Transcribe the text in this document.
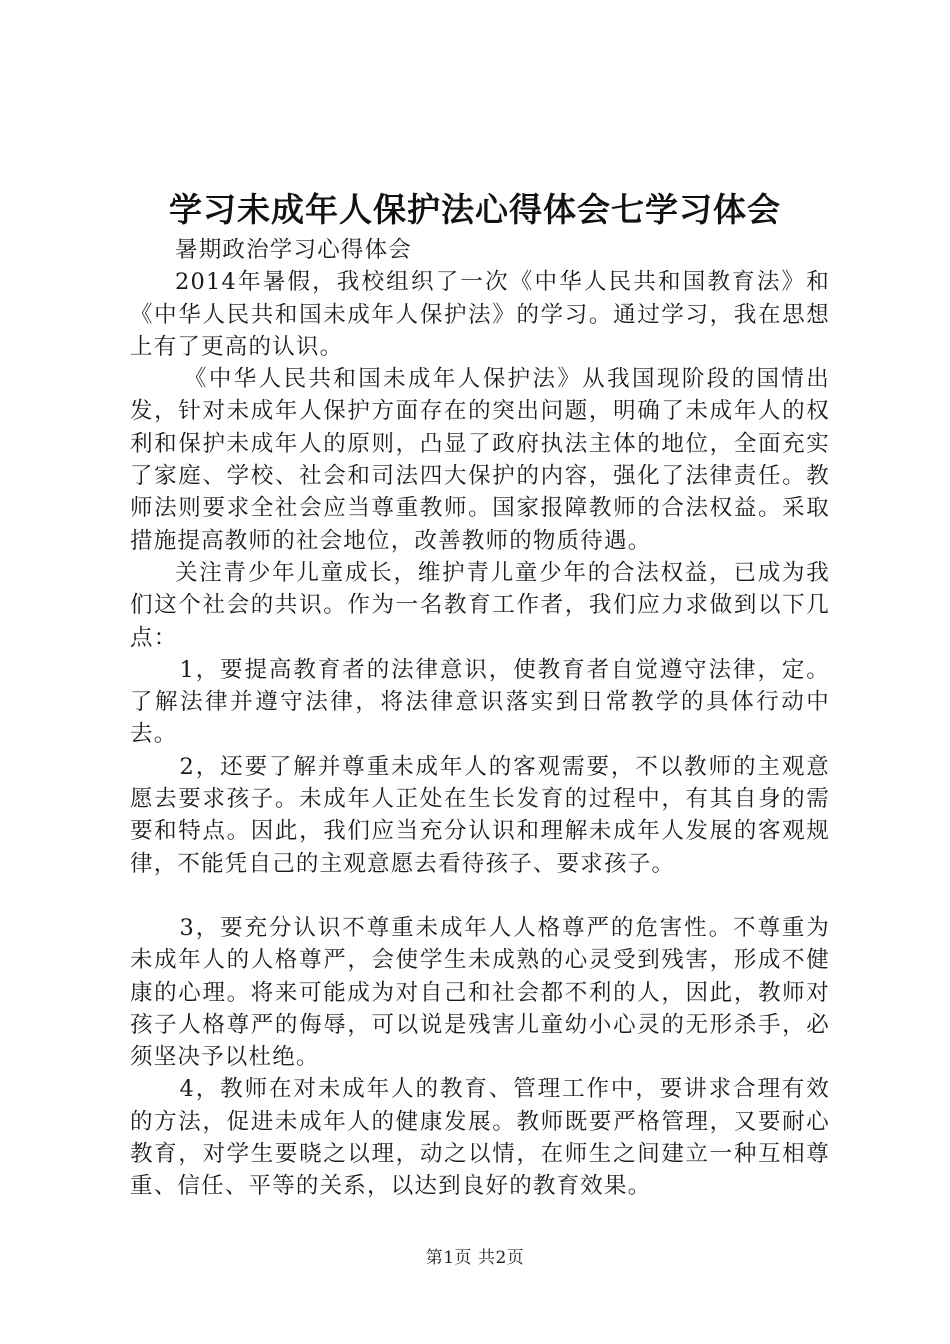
学习未成年人保护法心得体会七学习体会

暑期政治学习心得体会

2014年暑假，我校组织了一次《中华人民共和国教育法》和《中华人民共和国未成年人保护法》的学习。通过学习，我在思想上有了更高的认识。

《中华人民共和国未成年人保护法》从我国现阶段的国情出发，针对未成年人保护方面存在的突出问题，明确了未成年人的权利和保护未成年人的原则，凸显了政府执法主体的地位，全面充实了家庭、学校、社会和司法四大保护的内容，强化了法律责任。教师法则要求全社会应当尊重教师。国家报障教师的合法权益。采取措施提高教师的社会地位，改善教师的物质待遇。

关注青少年儿童成长，维护青儿童少年的合法权益，已成为我们这个社会的共识。作为一名教育工作者，我们应力求做到以下几点：

1，要提高教育者的法律意识，使教育者自觉遵守法律，定。了解法律并遵守法律，将法律意识落实到日常教学的具体行动中去。

2，还要了解并尊重未成年人的客观需要，不以教师的主观意愿去要求孩子。未成年人正处在生长发育的过程中，有其自身的需要和特点。因此，我们应当充分认识和理解未成年人发展的客观规律，不能凭自己的主观意愿去看待孩子、要求孩子。

3，要充分认识不尊重未成年人人格尊严的危害性。不尊重为未成年人的人格尊严，会使学生未成熟的心灵受到残害，形成不健康的心理。将来可能成为对自己和社会都不利的人，因此，教师对孩子人格尊严的侮辱，可以说是残害儿童幼小心灵的无形杀手，必须坚决予以杜绝。

4，教师在对未成年人的教育、管理工作中，要讲求合理有效的方法，促进未成年人的健康发展。教师既要严格管理，又要耐心教育，对学生要晓之以理，动之以情，在师生之间建立一种互相尊重、信任、平等的关系，以达到良好的教育效果。

第1页 共2页
